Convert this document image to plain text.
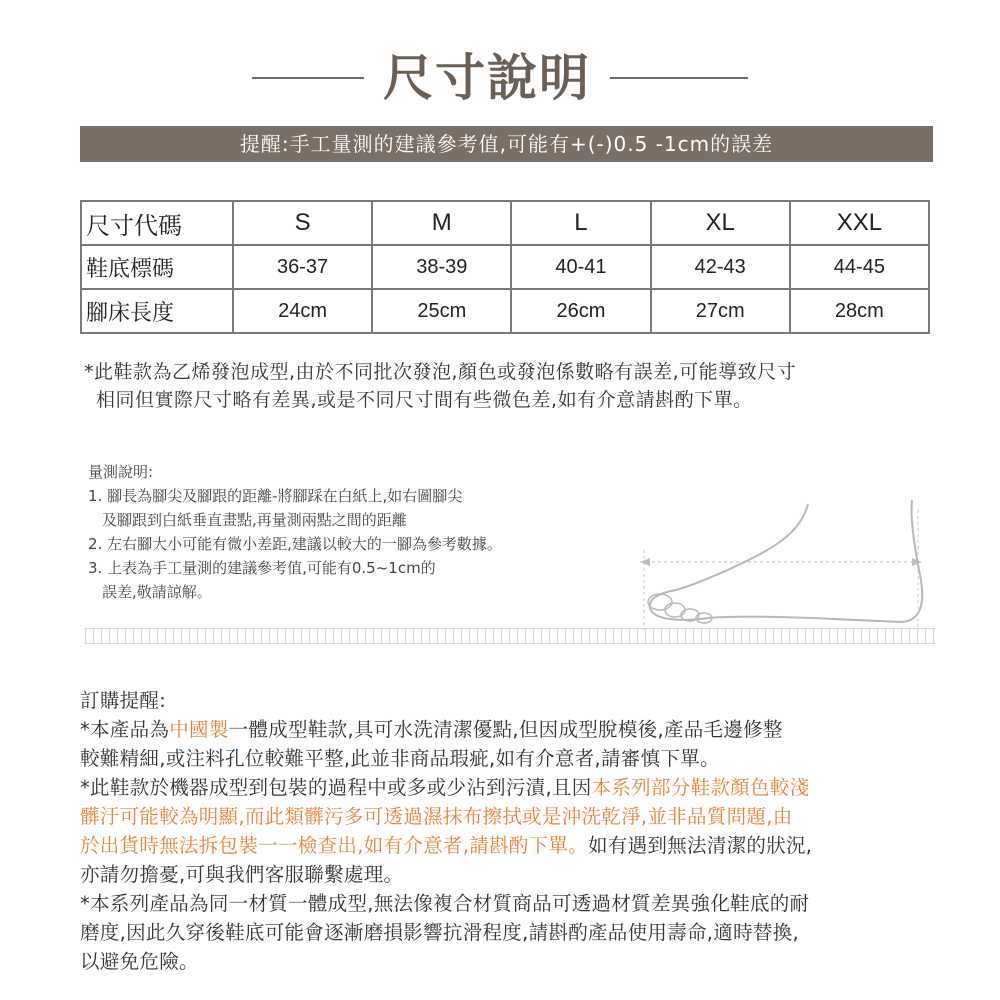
尺寸說明
提醒:手工量測的建議參考值,可能有+(-)0.5 -1cm的誤差
尺寸代碼	S	M	L	XL	XXL
鞋底標碼	36-37	38-39	40-41	42-43	44-45
腳床長度	24cm	25cm	26cm	27cm	28cm
*此鞋款為乙烯發泡成型,由於不同批次發泡,顏色或發泡係數略有誤差,可能導致尺寸
相同但實際尺寸略有差異,或是不同尺寸間有些微色差,如有介意請斟酌下單。
量測說明:
1. 腳長為腳尖及腳跟的距離-將腳踩在白紙上,如右圖腳尖
及腳跟到白紙垂直畫點,再量測兩點之間的距離
2. 左右腳大小可能有微小差距,建議以較大的一腳為參考數據。
3. 上表為手工量測的建議參考值,可能有0.5~1cm的
誤差,敬請諒解。
訂購提醒:
*本產品為中國製一體成型鞋款,具可水洗清潔優點,但因成型脫模後,產品毛邊修整
較難精細,或注料孔位較難平整,此並非商品瑕疵,如有介意者,請審慎下單。
*此鞋款於機器成型到包裝的過程中或多或少沾到污漬,且因本系列部分鞋款顏色較淺
髒汙可能較為明顯,而此類髒污多可透過濕抹布擦拭或是沖洗乾淨,並非品質問題,由
於出貨時無法拆包裝一一檢查出,如有介意者,請斟酌下單。如有遇到無法清潔的狀況,
亦請勿擔憂,可與我們客服聯繫處理。
*本系列產品為同一材質一體成型,無法像複合材質商品可透過材質差異強化鞋底的耐
磨度,因此久穿後鞋底可能會逐漸磨損影響抗滑程度,請斟酌產品使用壽命,適時替換,
以避免危險。
